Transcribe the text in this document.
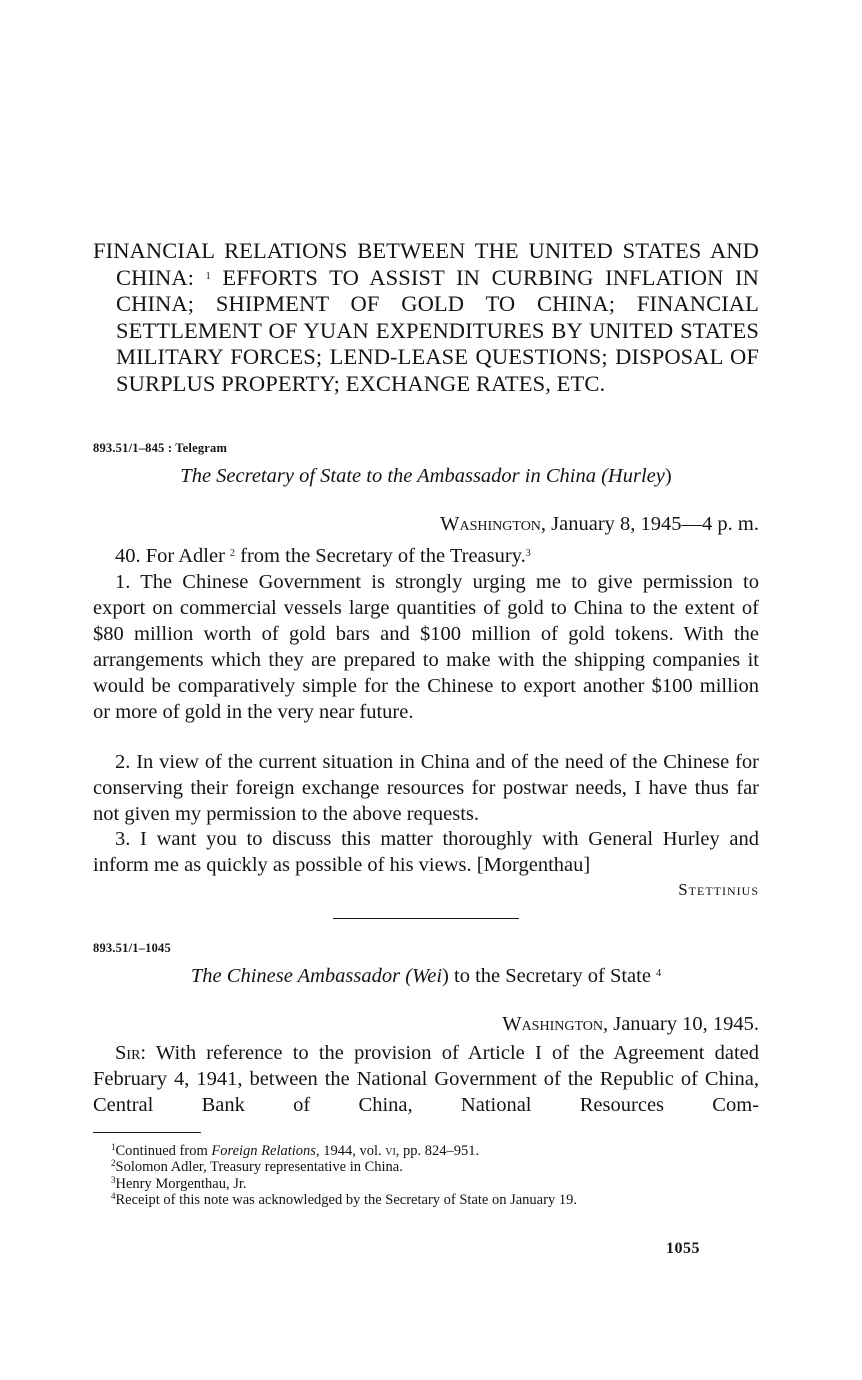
FINANCIAL RELATIONS BETWEEN THE UNITED STATES AND CHINA: $^1$ EFFORTS TO ASSIST IN CURBING INFLATION IN CHINA; SHIPMENT OF GOLD TO CHINA; FINANCIAL SETTLEMENT OF YUAN EXPENDITURES BY UNITED STATES MILITARY FORCES; LEND-LEASE QUESTIONS; DISPOSAL OF SURPLUS PROPERTY; EXCHANGE RATES, ETC.
893.51/1–845 : Telegram
The Secretary of State to the Ambassador in China (Hurley)
Washington, January 8, 1945—4 p. m.

40. For Adler $^2$ from the Secretary of the Treasury.$^3$

1. The Chinese Government is strongly urging me to give permission to export on commercial vessels large quantities of gold to China to the extent of $80 million worth of gold bars and $100 million of gold tokens. With the arrangements which they are prepared to make with the shipping companies it would be comparatively simple for the Chinese to export another $100 million or more of gold in the very near future.

2. In view of the current situation in China and of the need of the Chinese for conserving their foreign exchange resources for postwar needs, I have thus far not given my permission to the above requests.

3. I want you to discuss this matter thoroughly with General Hurley and inform me as quickly as possible of his views. [Morgenthau]

Stettinius
893.51/1–1045
The Chinese Ambassador (Wei) to the Secretary of State $^4$
Washington, January 10, 1945.

Sir: With reference to the provision of Article I of the Agreement dated February 4, 1941, between the National Government of the Republic of China, Central Bank of China, National Resources Com-

$^1$Continued from Foreign Relations, 1944, vol. vi, pp. 824–951.

$^2$Solomon Adler, Treasury representative in China.

$^3$Henry Morgenthau, Jr.

$^4$Receipt of this note was acknowledged by the Secretary of State on January 19.

1055
